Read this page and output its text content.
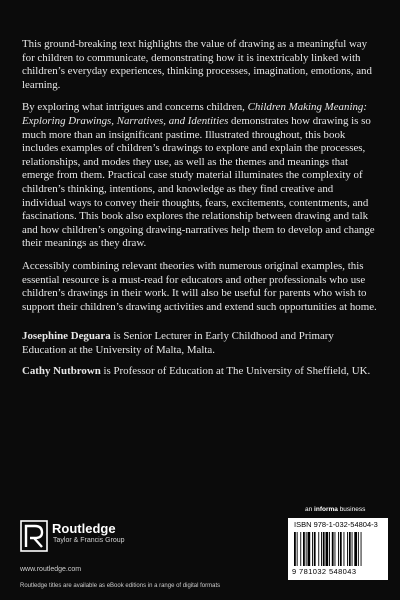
This ground-breaking text highlights the value of drawing as a meaningful way for children to communicate, demonstrating how it is inextricably linked with children’s everyday experiences, thinking processes, imagination, emotions, and learning.

By exploring what intrigues and concerns children, Children Making Meaning: Exploring Drawings, Narratives, and Identities demonstrates how drawing is so much more than an insignificant pastime. Illustrated throughout, this book includes examples of children’s drawings to explore and explain the processes, relationships, and modes they use, as well as the themes and meanings that emerge from them. Practical case study material illuminates the complexity of children’s thinking, intentions, and knowledge as they find creative and individual ways to convey their thoughts, fears, excitements, contentments, and fascinations. This book also explores the relationship between drawing and talk and how children’s ongoing drawing-narratives help them to develop and change their meanings as they draw.

Accessibly combining relevant theories with numerous original examples, this essential resource is a must-read for educators and other professionals who use children’s drawings in their work. It will also be useful for parents who wish to support their children’s drawing activities and extend such opportunities at home.

Josephine Deguara is Senior Lecturer in Early Childhood and Primary Education at the University of Malta, Malta.

Cathy Nutbrown is Professor of Education at The University of Sheffield, UK.

an informa business
Routledge
Taylor & Francis Group
www.routledge.com
Routledge titles are available as eBook editions in a range of digital formats
ISBN 978-1-032-54804-3
9 781032 548043
